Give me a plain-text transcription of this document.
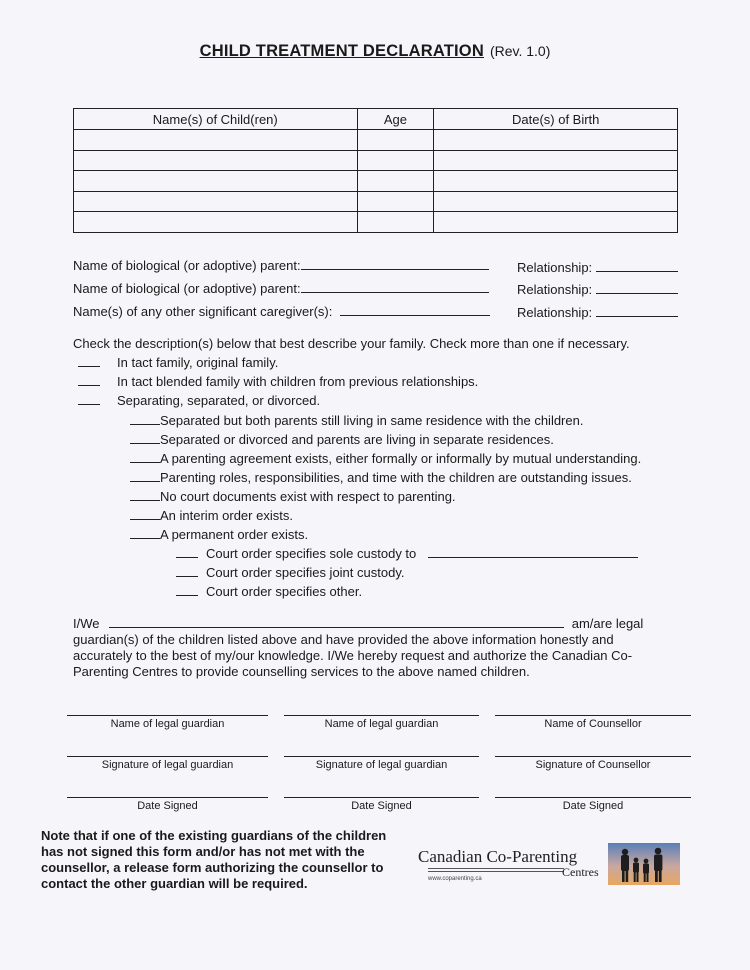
CHILD TREATMENT DECLARATION (Rev. 1.0)
Name(s) of Child(ren)	Age	Date(s) of Birth

Name of biological (or adoptive) parent:
Name of biological (or adoptive) parent:
Name(s) of any other significant caregiver(s):
Relationship:
Relationship:
Relationship:
Check the description(s) below that best describe your family. Check more than one if necessary.
In tact family, original family.
In tact blended family with children from previous relationships.
Separating, separated, or divorced.
Separated but both parents still living in same residence with the children.
Separated or divorced and parents are living in separate residences.
A parenting agreement exists, either formally or informally by mutual understanding.
Parenting roles, responsibilities, and time with the children are outstanding issues.
No court documents exist with respect to parenting.
An interim order exists.
A permanent order exists.
Court order specifies sole custody to
Court order specifies joint custody.
Court order specifies other.
I/We	am/are legal
guardian(s) of the children listed above and have provided the above information honestly and accurately to the best of my/our knowledge. I/We hereby request and authorize the Canadian Co-Parenting Centres to provide counselling services to the above named children.
Name of legal guardian	Name of legal guardian	Name of Counsellor
Signature of legal guardian	Signature of legal guardian	Signature of Counsellor
Date Signed	Date Signed	Date Signed
Note that if one of the existing guardians of the children has not signed this form and/or has not met with the counsellor, a release form authorizing the counsellor to contact the other guardian will be required.
Canadian Co-Parenting
Centres
www.coparenting.ca
